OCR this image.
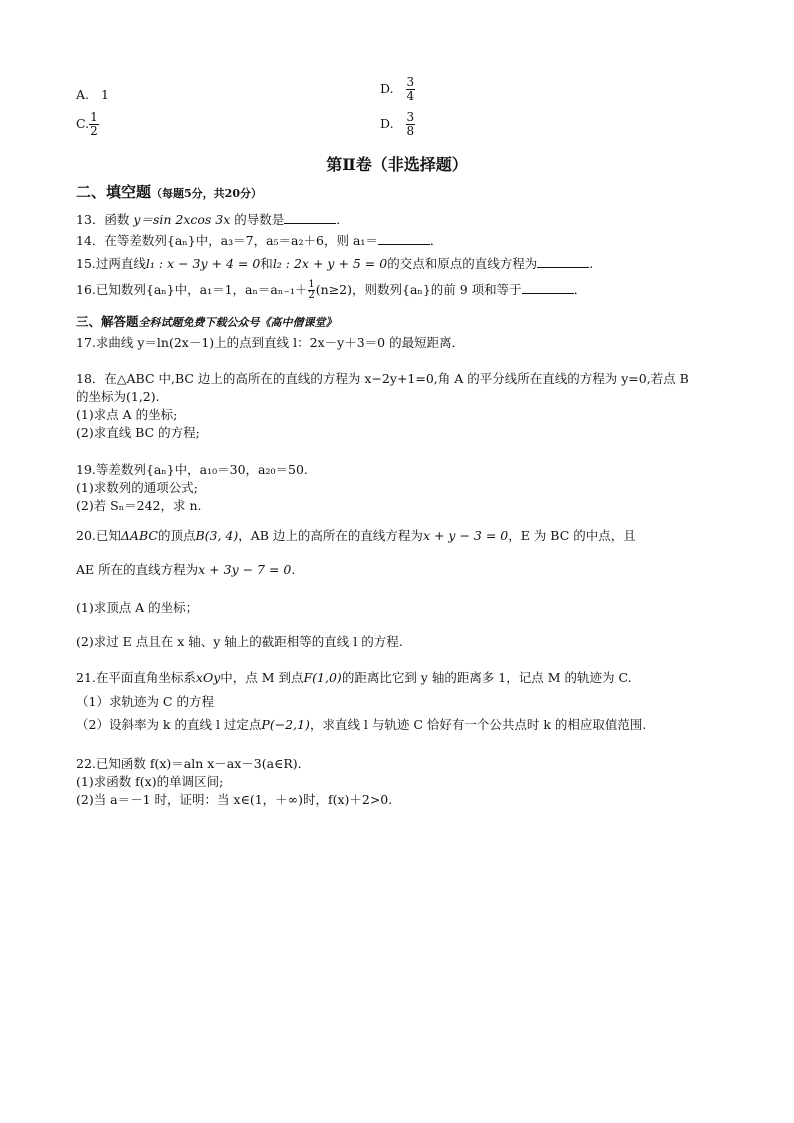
A. 1	D. $\frac{3}{4}$
C. $\frac{1}{2}$	D. $\frac{3}{8}$
第Ⅱ卷（非选择题）
二、填空题（每题5分，共20分）
13．函数 y＝sin 2xcos 3x 的导数是	．
14．在等差数列{aₙ}中，a₃＝7，a₅＝a₂＋6，则 a₁＝	．
15.过两直线l₁ : x − 3y + 4 = 0和l₂ : 2x + y + 5 = 0的交点和原点的直线方程为	.
16.已知数列{aₙ}中，a₁＝1，$a_n=a_{n-1}+ \frac{1}{2} (n\ge 2)$，则数列{aₙ}的前 9 项和等于	．
三、解答题全科试题免费下载公众号《高中僧课堂》
17.求曲线 y＝ln(2x－1)上的点到直线 l：2x－y＋3＝0 的最短距离．
18．在△ABC 中,BC 边上的高所在的直线的方程为 x−2y+1=0,角 A 的平分线所在直线的方程为 y=0,若点 B
的坐标为(1,2).
(1)求点 A 的坐标;
(2)求直线 BC 的方程;
19.等差数列{aₙ}中，a₁₀＝30，a₂₀＝50.
(1)求数列的通项公式;
(2)若 Sₙ＝242，求 n.
20.已知ΔABC的顶点B(3, 4)，AB 边上的高所在的直线方程为x + y − 3 = 0，E 为 BC 的中点，且
AE 所在的直线方程为x + 3y − 7 = 0.
(1)求顶点 A 的坐标；
(2)求过 E 点且在 x 轴、y 轴上的截距相等的直线 l 的方程.
21.在平面直角坐标系xOy中，点 M 到点F(1,0)的距离比它到 y 轴的距离多 1，记点 M 的轨迹为 C.
（1）求轨迹为 C 的方程
（2）设斜率为 k 的直线 l 过定点P(−2,1)，求直线 l 与轨迹 C 恰好有一个公共点时 k 的相应取值范围.
22.已知函数 f(x)＝aln x－ax－3(a∈R)．
(1)求函数 f(x)的单调区间;
(2)当 a＝－1 时，证明：当 x∈(1，＋∞)时，f(x)＋2>0.
